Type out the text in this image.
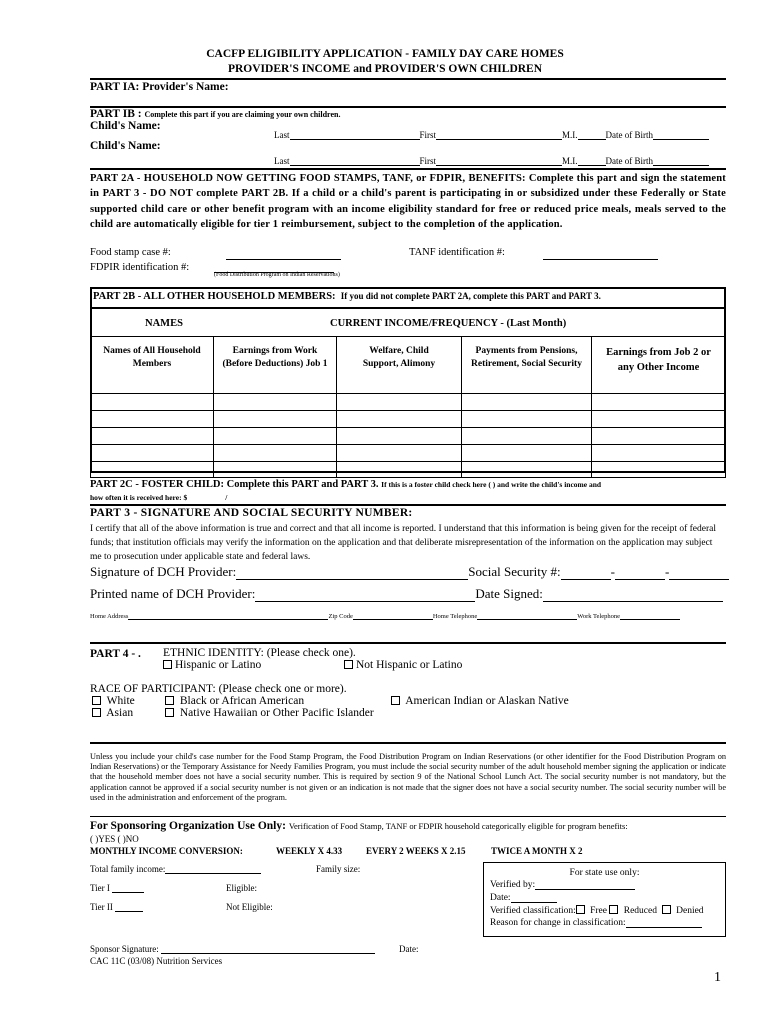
CACFP ELIGIBILITY APPLICATION - FAMILY DAY CARE HOMES
PROVIDER'S INCOME and PROVIDER'S OWN CHILDREN
PART IA: Provider's Name:
PART IB : Complete this part if you are claiming your own children.
Child's Name:
Last	First	M.I.	Date of Birth
Child's Name:
Last	First	M.I.	Date of Birth
PART 2A - HOUSEHOLD NOW GETTING FOOD STAMPS, TANF, or FDPIR, BENEFITS: Complete this part and sign the statement in PART 3 - DO NOT complete PART 2B. If a child or a child's parent is participating in or subsidized under these Federally or State supported child care or other benefit program with an income eligibility standard for free or reduced price meals, meals served to the child are automatically eligible for tier 1 reimbursement, subject to the completion of the application.
Food stamp case #:	TANF identification #:
FDPIR identification #:
(Food Distribution Program on Indian Reservations)
PART 2B - ALL OTHER HOUSEHOLD MEMBERS: If you did not complete PART 2A, complete this PART and PART 3.
NAMES	CURRENT INCOME/FREQUENCY - (Last Month)
Names of All Household Members	Earnings from Work (Before Deductions) Job 1	Welfare, Child Support, Alimony	Payments from Pensions, Retirement, Social Security	Earnings from Job 2 or any Other Income

PART 2C - FOSTER CHILD: Complete this PART and PART 3. If this is a foster child check here ( ) and write the child's income and
how often it is received here: $	/
PART 3 - SIGNATURE AND SOCIAL SECURITY NUMBER:
I certify that all of the above information is true and correct and that all income is reported. I understand that this information is being given for the receipt of federal funds; that institution officials may verify the information on the application and that deliberate misrepresentation of the information on the application may subject me to prosecution under applicable state and federal laws.
Signature of DCH Provider:	Social Security #:	-	-
Printed name of DCH Provider:	Date Signed:
Home Address	Zip Code	Home Telephone	Work Telephone
PART 4 - . ETHNIC IDENTITY: (Please check one).
Hispanic or Latino	Not Hispanic or Latino
RACE OF PARTICIPANT: (Please check one or more).
White	Black or African American	American Indian or Alaskan Native
Asian	Native Hawaiian or Other Pacific Islander
Unless you include your child's case number for the Food Stamp Program, the Food Distribution Program on Indian Reservations (or other identifier for the Food Distribution Program on Indian Reservations) or the Temporary Assistance for Needy Families Program, you must include the social security number of the adult household member signing the application or indicate that the household member does not have a social security number. This is required by section 9 of the National School Lunch Act. The social security number is not mandatory, but the application cannot be approved if a social security number is not given or an indication is not made that the signer does not have a social security number. The social security number will be used in the administration and enforcement of the program.
For Sponsoring Organization Use Only: Verification of Food Stamp, TANF or FDPIR household categorically eligible for program benefits:
( )YES ( )NO
MONTHLY INCOME CONVERSION:	WEEKLY X 4.33	EVERY 2 WEEKS X 2.15	TWICE A MONTH X 2
Total family income:	Family size:
Tier I	Eligible:
Tier II	Not Eligible:
For state use only:
Verified by:
Date:
Verified classification: Free Reduced Denied
Reason for change in classification:
Sponsor Signature:	Date:
CAC 11C (03/08) Nutrition Services
1
